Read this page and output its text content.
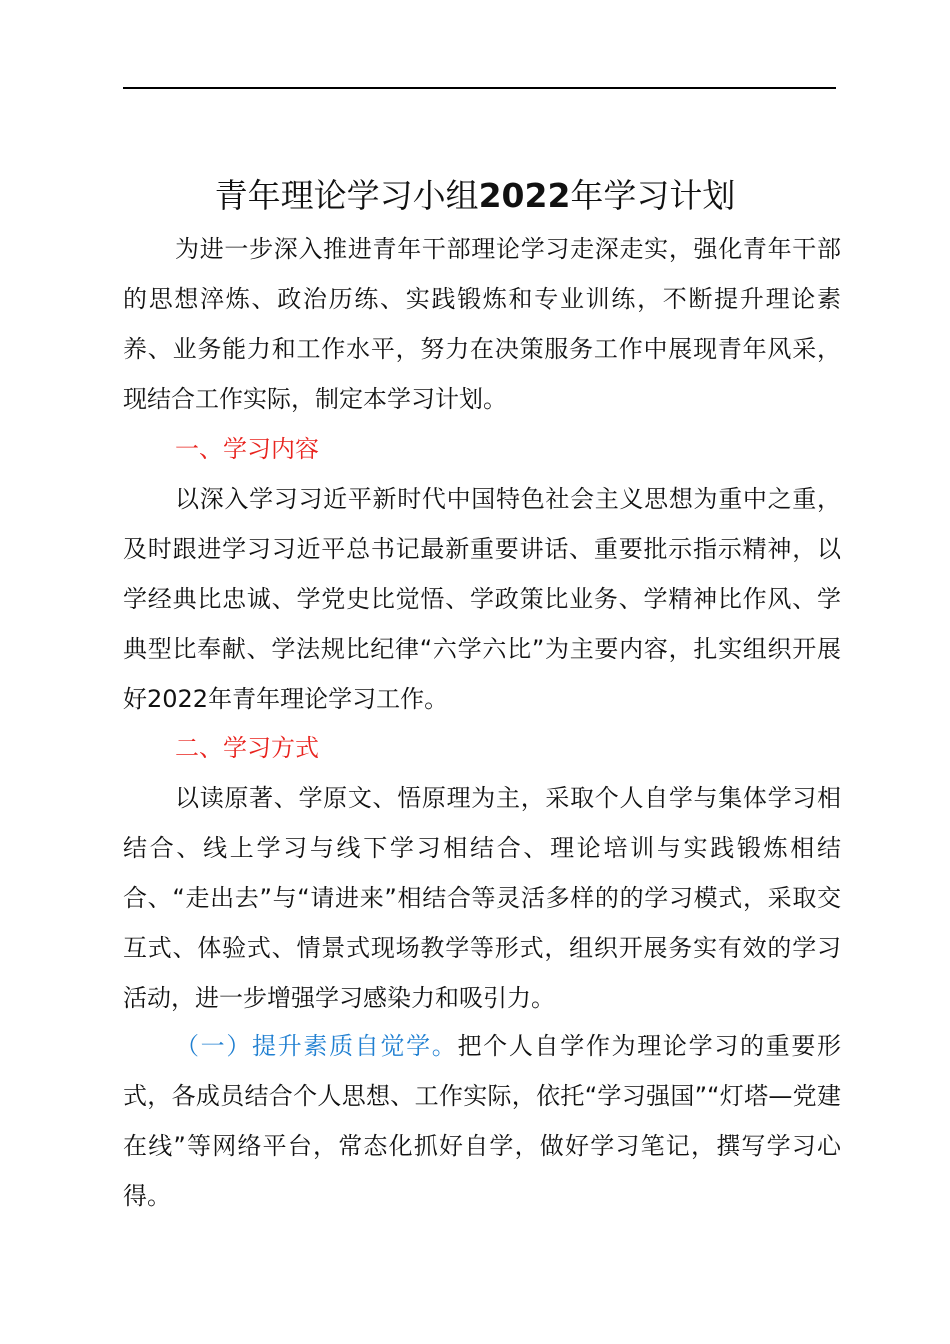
青年理论学习小组2022年学习计划

为进一步深入推进青年干部理论学习走深走实，强化青年干部的思想淬炼、政治历练、实践锻炼和专业训练，不断提升理论素养、业务能力和工作水平，努力在决策服务工作中展现青年风采，现结合工作实际，制定本学习计划。

一、学习内容

以深入学习习近平新时代中国特色社会主义思想为重中之重，及时跟进学习习近平总书记最新重要讲话、重要批示指示精神，以学经典比忠诚、学党史比觉悟、学政策比业务、学精神比作风、学典型比奉献、学法规比纪律“六学六比”为主要内容，扎实组织开展好2022年青年理论学习工作。

二、学习方式

以读原著、学原文、悟原理为主，采取个人自学与集体学习相结合、线上学习与线下学习相结合、理论培训与实践锻炼相结合、“走出去”与“请进来”相结合等灵活多样的的学习模式，采取交互式、体验式、情景式现场教学等形式，组织开展务实有效的学习活动，进一步增强学习感染力和吸引力。

（一）提升素质自觉学。把个人自学作为理论学习的重要形式，各成员结合个人思想、工作实际，依托“学习强国”“灯塔—党建在线”等网络平台，常态化抓好自学，做好学习笔记，撰写学习心得。
